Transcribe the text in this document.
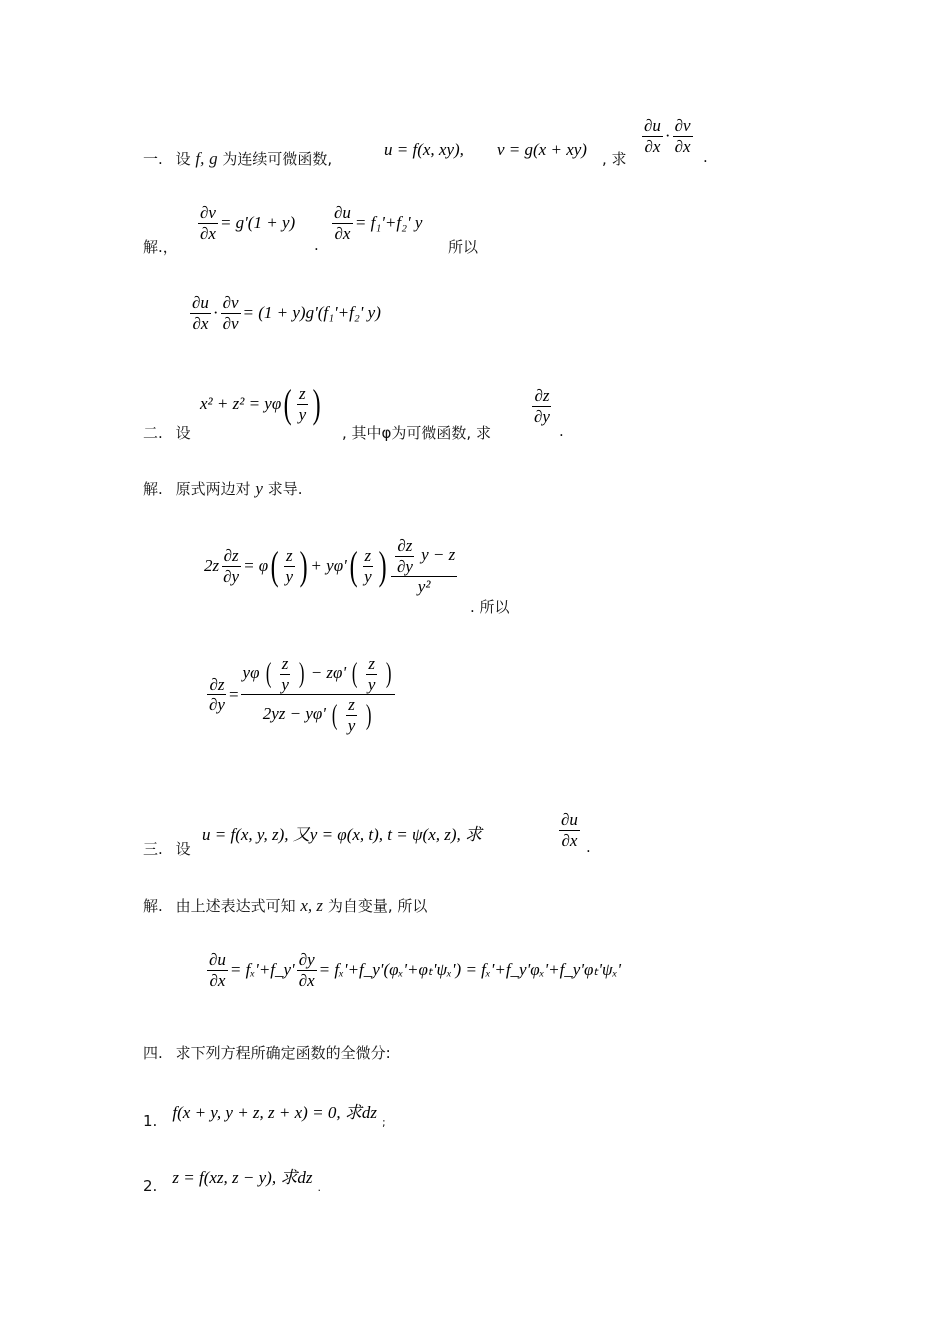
一. 设 f, g 为连续可微函数,	u = f(x, xy), v = g(x + xy) , 求
$\frac{\partial u}{\partial x} \cdot \frac{\partial v}{\partial x}$
.
解.，
$\frac{\partial v}{\partial x} = g'(1 + y)$
.
$\frac{\partial u}{\partial x} = f_1'+f_2'$ y
所以
$\frac{\partial u}{\partial x} \cdot \frac{\partial v}{\partial v} = (1 + y)g'(f_1'+f_2'$ y)
二. 设
x² + z² = yφ ( $\frac{z}{y}$ )
, 其中φ为可微函数, 求
$\frac{\partial z}{\partial y}$
.
解. 原式两边对 y 求导.
$2z \frac{\partial z}{\partial y} = \varphi$ ( $\frac{z}{y}$ ) + yφ' ( $\frac{z}{y}$ ) $\frac{\frac{\partial z}{\partial y} y - z}{\text{y²}}$
. 所以
$\frac{\partial z}{\partial y}$ =
yφ ( $\frac{z}{y}$ ) − zφ' ( $\frac{z}{y}$ )
2yz − yφ' ( $\frac{z}{y}$ )
三. 设
u = f(x, y, z), 又y = φ(x, t), t = ψ(x, z), 求	$\frac{\partial u}{\partial x}$ .
解. 由上述表达式可知 x, z 为自变量, 所以
$\frac{\partial u}{\partial x}$ = fₓ'+f_y' $\frac{\partial y}{\partial x}$ = fₓ'+f_y'(φₓ'+φₜ'ψₓ') = fₓ'+f_y'φₓ'+f_y'φₜ'ψₓ'
四. 求下列方程所确定函数的全微分:
1. f(x + y, y + z, z + x) = 0, 求dz $_;$
2. z = f(xz, z − y), 求dz $_.$
